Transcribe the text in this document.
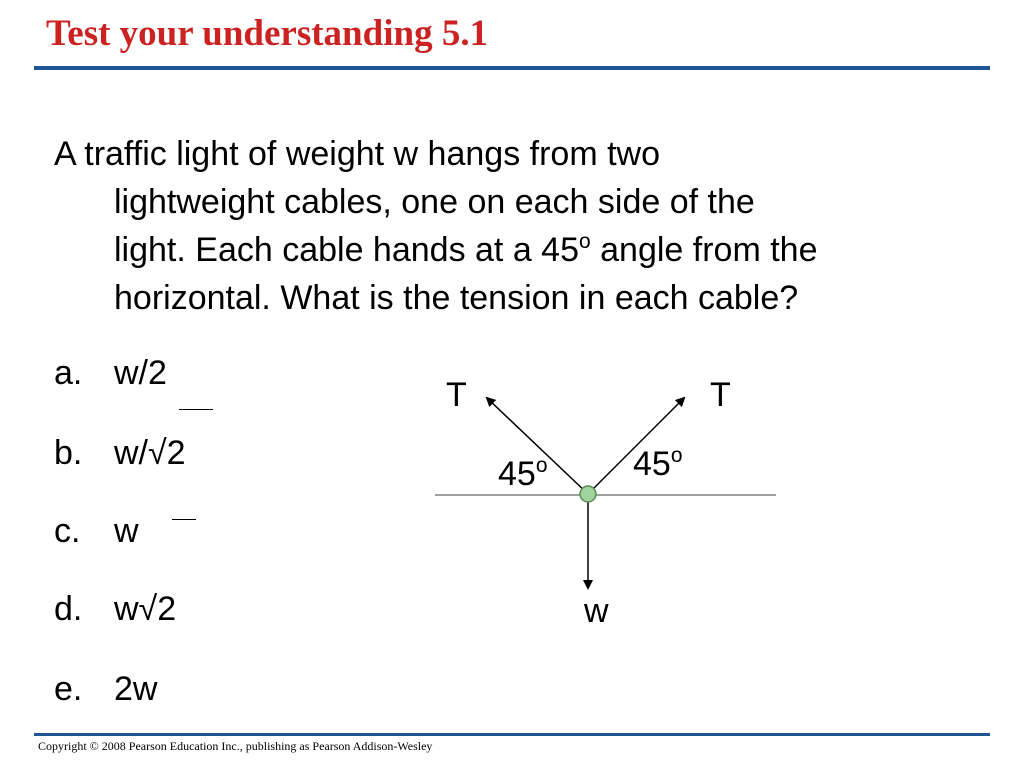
Test your understanding 5.1
A traffic light of weight w hangs from two
lightweight cables, one on each side of the
light. Each cable hands at a 45$^o$ angle from the
horizontal. What is the tension in each cable?
a. w/2
b. w/√2
c. w
d. w√2
e. 2w
T	T
45$^o$	45$^o$
w
Copyright © 2008 Pearson Education Inc., publishing as Pearson Addison-Wesley
